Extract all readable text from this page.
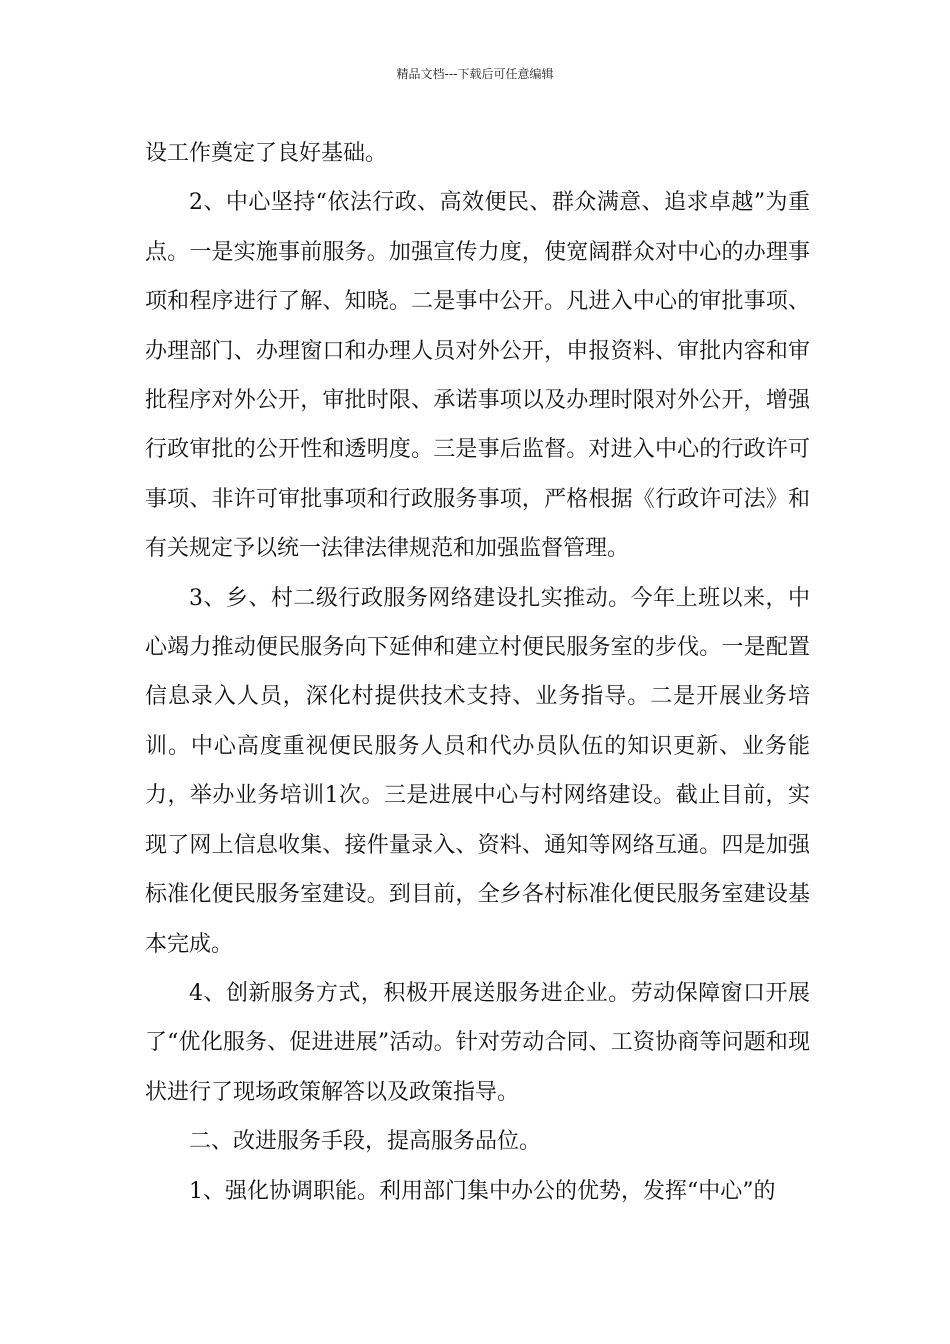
精品文档---下载后可任意编辑

设工作奠定了良好基础。

2、中心坚持“依法行政、高效便民、群众满意、追求卓越”为重点。一是实施事前服务。加强宣传力度，使宽阔群众对中心的办理事项和程序进行了解、知晓。二是事中公开。凡进入中心的审批事项、办理部门、办理窗口和办理人员对外公开，申报资料、审批内容和审批程序对外公开，审批时限、承诺事项以及办理时限对外公开，增强行政审批的公开性和透明度。三是事后监督。对进入中心的行政许可事项、非许可审批事项和行政服务事项，严格根据《行政许可法》和有关规定予以统一法律法律规范和加强监督管理。

3、乡、村二级行政服务网络建设扎实推动。今年上班以来，中心竭力推动便民服务向下延伸和建立村便民服务室的步伐。一是配置信息录入人员，深化村提供技术支持、业务指导。二是开展业务培训。中心高度重视便民服务人员和代办员队伍的知识更新、业务能力，举办业务培训1次。三是进展中心与村网络建设。截止目前，实现了网上信息收集、接件量录入、资料、通知等网络互通。四是加强标准化便民服务室建设。到目前，全乡各村标准化便民服务室建设基本完成。

4、创新服务方式，积极开展送服务进企业。劳动保障窗口开展了“优化服务、促进进展”活动。针对劳动合同、工资协商等问题和现状进行了现场政策解答以及政策指导。

二、改进服务手段，提高服务品位。

1、强化协调职能。利用部门集中办公的优势，发挥“中心”的
